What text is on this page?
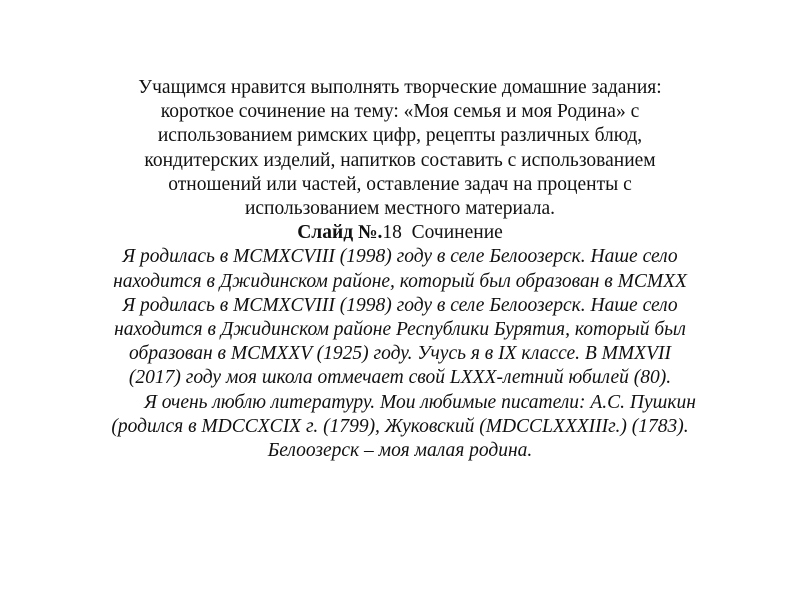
Учащимся нравится выполнять творческие домашние задания:
короткое сочинение на тему: «Моя семья и моя Родина» с
использованием римских цифр, рецепты различных блюд,
кондитерских изделий, напитков составить с использованием
отношений или частей, оставление задач на проценты с
использованием местного материала.
Слайд №.18 Сочинение
Я родилась в MCMXCVIII (1998) году в селе Белоозерск. Наше село
находится в Джидинском районе, который был образован в MCMXX
Я родилась в MCMXCVIII (1998) году в селе Белоозерск. Наше село
находится в Джидинском районе Республики Бурятия, который был
образован в MCMXXV (1925) году. Учусь я в IX классе. В MMXVII
(2017) году моя школа отмечает свой LXXX-летний юбилей (80).
Я очень люблю литературу. Мои любимые писатели: А.С. Пушкин
(родился в MDCCXCIX г. (1799), Жуковский (MDCCLXXXIIIг.) (1783).
Белоозерск – моя малая родина.
